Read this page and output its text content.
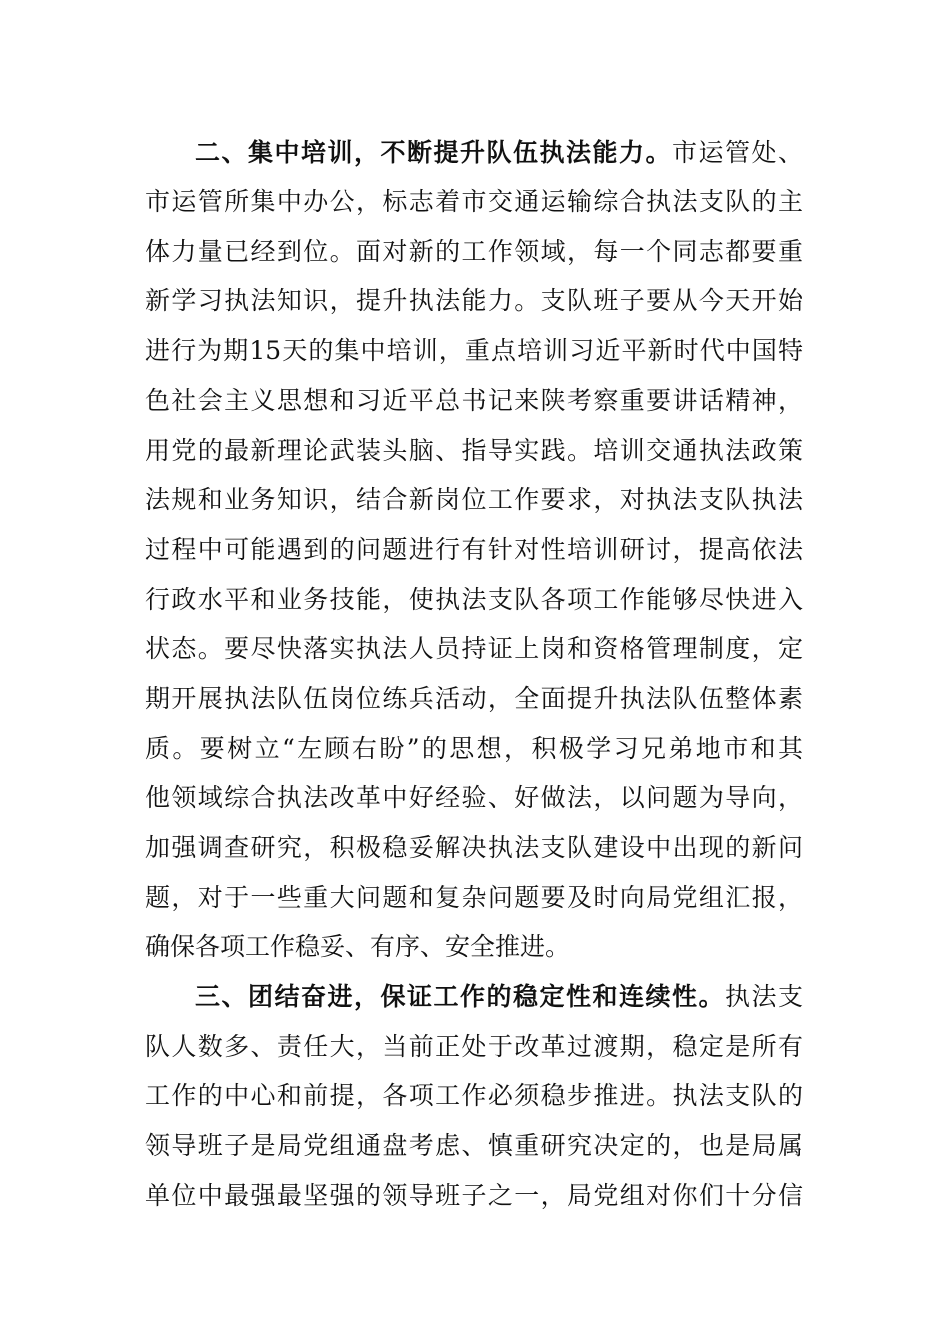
二、集中培训，不断提升队伍执法能力。市运管处、
市运管所集中办公，标志着市交通运输综合执法支队的主
体力量已经到位。面对新的工作领域，每一个同志都要重
新学习执法知识，提升执法能力。支队班子要从今天开始
进行为期15天的集中培训，重点培训习近平新时代中国特
色社会主义思想和习近平总书记来陕考察重要讲话精神，
用党的最新理论武装头脑、指导实践。培训交通执法政策
法规和业务知识，结合新岗位工作要求，对执法支队执法
过程中可能遇到的问题进行有针对性培训研讨，提高依法
行政水平和业务技能，使执法支队各项工作能够尽快进入
状态。要尽快落实执法人员持证上岗和资格管理制度，定
期开展执法队伍岗位练兵活动，全面提升执法队伍整体素
质。要树立“左顾右盼”的思想，积极学习兄弟地市和其
他领域综合执法改革中好经验、好做法，以问题为导向，
加强调查研究，积极稳妥解决执法支队建设中出现的新问
题，对于一些重大问题和复杂问题要及时向局党组汇报，
确保各项工作稳妥、有序、安全推进。
三、团结奋进，保证工作的稳定性和连续性。执法支
队人数多、责任大，当前正处于改革过渡期，稳定是所有
工作的中心和前提，各项工作必须稳步推进。执法支队的
领导班子是局党组通盘考虑、慎重研究决定的，也是局属
单位中最强最坚强的领导班子之一，局党组对你们十分信
